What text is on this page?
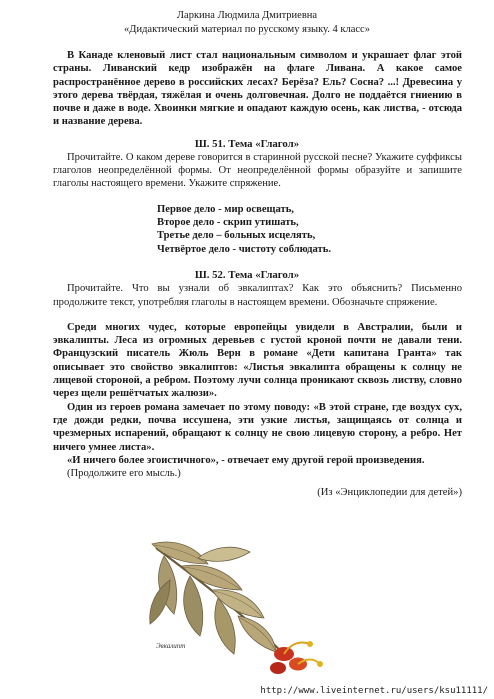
Ларкина Людмила Дмитриевна
«Дидактический материал по русскому языку. 4 класс»

В Канаде кленовый лист стал национальным символом и украшает флаг этой страны. Ливанский кедр изображён на флаге Ливана. А какое самое распространённое дерево в российских лесах? Берёза? Ель? Сосна? ...! Древесина у этого дерева твёрдая, тяжёлая и очень долговечная. Долго не поддаётся гниению в почве и даже в воде. Хвоинки мягкие и опадают каждую осень, как листва, - отсюда и название дерева.

Ш. 51. Тема «Глагол»

Прочитайте. О каком дереве говорится в старинной русской песне? Укажите суффиксы глаголов неопределённой формы. От неопределённой формы образуйте и запишите глаголы настоящего времени. Укажите спряжение.

Первое дело - мир освещать,
Второе дело - скрип утишать,
Третье дело – больных исцелять,
Четвёртое дело - чистоту соблюдать.

Ш. 52. Тема «Глагол»

Прочитайте. Что вы узнали об эвкалиптах? Как это объяснить? Письменно продолжите текст, употребляя глаголы в настоящем времени. Обозначьте спряжение.

Среди многих чудес, которые европейцы увидели в Австралии, были и эвкалипты. Леса из огромных деревьев с густой кроной почти не давали тени. Французский писатель Жюль Верн в романе «Дети капитана Гранта» так описывает это свойство эвкалиптов: «Листья эвкалипта обращены к солнцу не лицевой стороной, а ребром. Поэтому лучи солнца проникают сквозь листву, словно через щели решётчатых жалюзи».

Один из героев романа замечает по этому поводу: «В этой стране, где воздух сух, где дожди редки, почва иссушена, эти узкие листья, защищаясь от солнца и чрезмерных испарений, обращают к солнцу не свою лицевую сторону, а ребро. Нет ничего умнее листа».

«И ничего более эгоистичного», - отвечает ему другой герой произведения.

(Продолжите его мысль.)

(Из «Энциклопедии для детей»)
Эвкалипт
http://www.liveinternet.ru/users/ksu11111/
